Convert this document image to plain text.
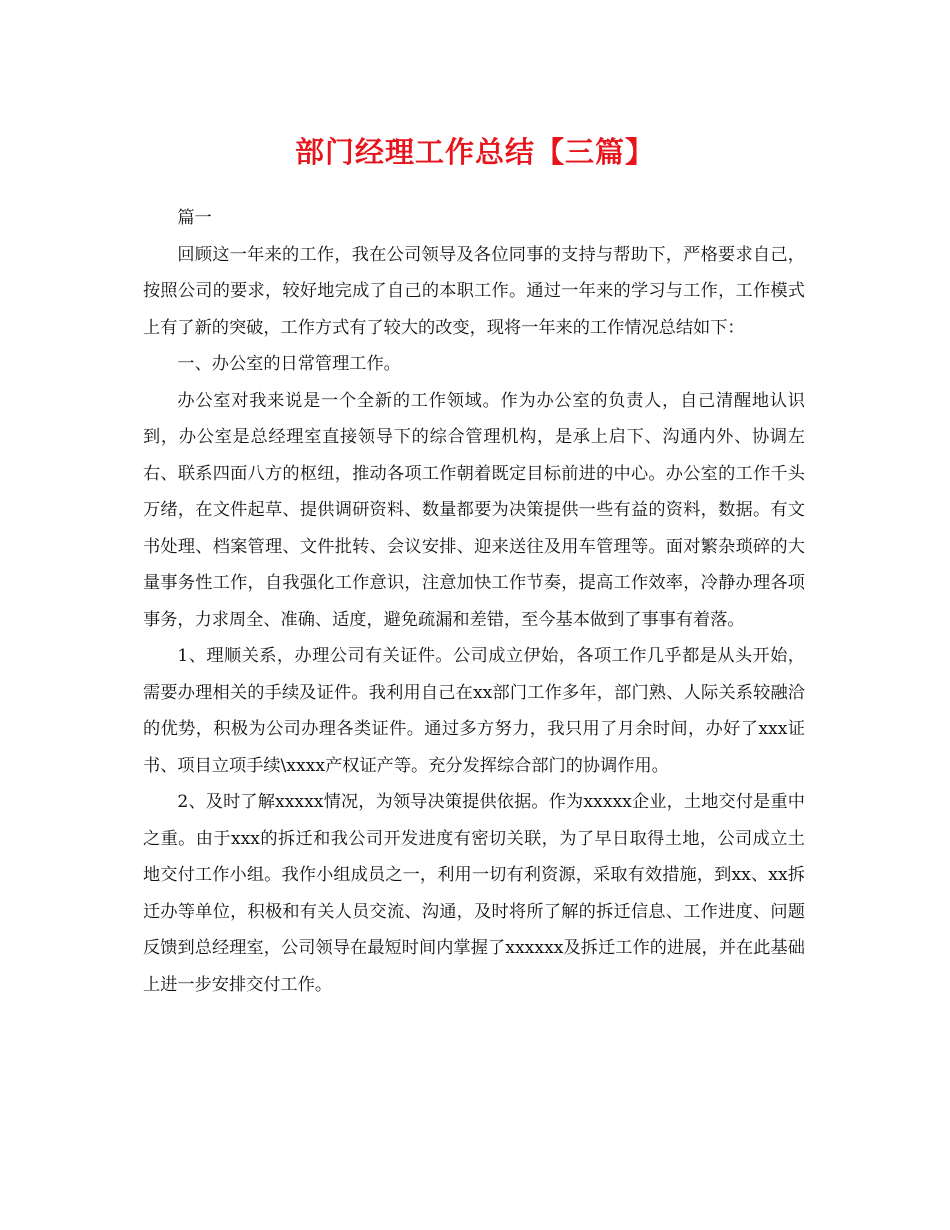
部门经理工作总结【三篇】

篇一

回顾这一年来的工作，我在公司领导及各位同事的支持与帮助下，严格要求自己，按照公司的要求，较好地完成了自己的本职工作。通过一年来的学习与工作，工作模式上有了新的突破，工作方式有了较大的改变，现将一年来的工作情况总结如下：

一、办公室的日常管理工作。

办公室对我来说是一个全新的工作领域。作为办公室的负责人，自己清醒地认识到，办公室是总经理室直接领导下的综合管理机构，是承上启下、沟通内外、协调左右、联系四面八方的枢纽，推动各项工作朝着既定目标前进的中心。办公室的工作千头万绪，在文件起草、提供调研资料、数量都要为决策提供一些有益的资料，数据。有文书处理、档案管理、文件批转、会议安排、迎来送往及用车管理等。面对繁杂琐碎的大量事务性工作，自我强化工作意识，注意加快工作节奏，提高工作效率，冷静办理各项事务，力求周全、准确、适度，避免疏漏和差错，至今基本做到了事事有着落。

1、理顺关系，办理公司有关证件。公司成立伊始，各项工作几乎都是从头开始，需要办理相关的手续及证件。我利用自己在xx部门工作多年，部门熟、人际关系较融洽的优势，积极为公司办理各类证件。通过多方努力，我只用了月余时间，办好了xxx证书、项目立项手续\xxxx产权证产等。充分发挥综合部门的协调作用。

2、及时了解xxxxx情况，为领导决策提供依据。作为xxxxx企业，土地交付是重中之重。由于xxx的拆迁和我公司开发进度有密切关联，为了早日取得土地，公司成立土地交付工作小组。我作小组成员之一，利用一切有利资源，采取有效措施，到xx、xx拆迁办等单位，积极和有关人员交流、沟通，及时将所了解的拆迁信息、工作进度、问题反馈到总经理室，公司领导在最短时间内掌握了xxxxxx及拆迁工作的进展，并在此基础上进一步安排交付工作。
